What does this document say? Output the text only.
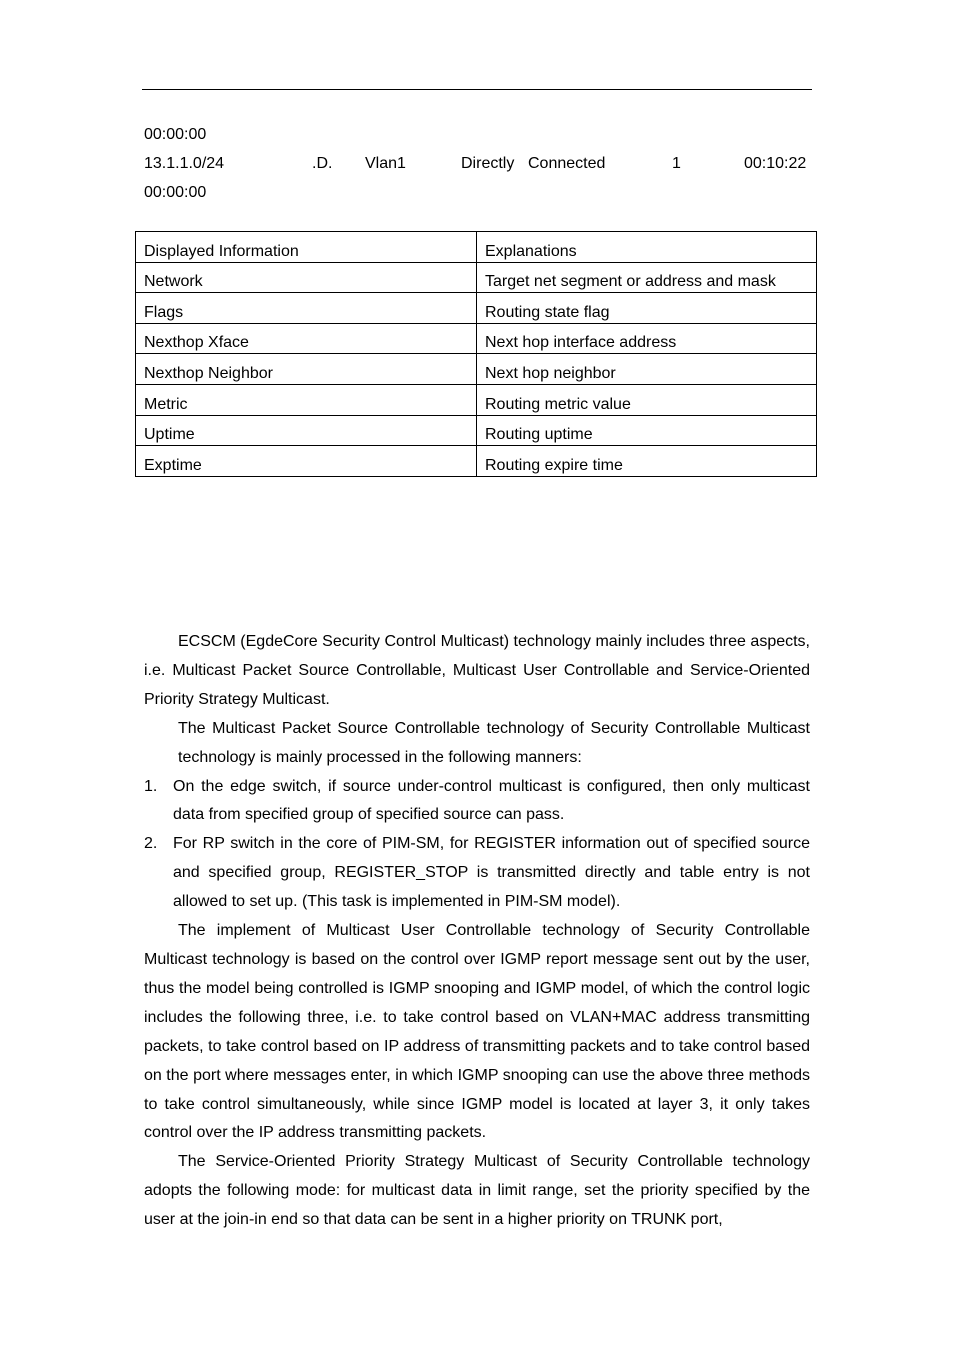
00:00:00
13.1.1.0/24	.D. Vlan1	Directly Connected	1	00:10:22
00:00:00
Displayed Information	Explanations
Network	Target net segment or address and mask
Flags	Routing state flag
Nexthop Xface	Next hop interface address
Nexthop Neighbor	Next hop neighbor
Metric	Routing metric value
Uptime	Routing uptime
Exptime	Routing expire time

ECSCM (EgdeCore Security Control Multicast) technology mainly includes three aspects, i.e. Multicast Packet Source Controllable, Multicast User Controllable and Service-Oriented Priority Strategy Multicast.

The Multicast Packet Source Controllable technology of Security Controllable Multicast technology is mainly processed in the following manners:

1. On the edge switch, if source under-control multicast is configured, then only multicast data from specified group of specified source can pass.

2. For RP switch in the core of PIM-SM, for REGISTER information out of specified source and specified group, REGISTER_STOP is transmitted directly and table entry is not allowed to set up. (This task is implemented in PIM-SM model).

The implement of Multicast User Controllable technology of Security Controllable Multicast technology is based on the control over IGMP report message sent out by the user, thus the model being controlled is IGMP snooping and IGMP model, of which the control logic includes the following three, i.e. to take control based on VLAN+MAC address transmitting packets, to take control based on IP address of transmitting packets and to take control based on the port where messages enter, in which IGMP snooping can use the above three methods to take control simultaneously, while since IGMP model is located at layer 3, it only takes control over the IP address transmitting packets.

The Service-Oriented Priority Strategy Multicast of Security Controllable technology adopts the following mode: for multicast data in limit range, set the priority specified by the user at the join-in end so that data can be sent in a higher priority on TRUNK port,
